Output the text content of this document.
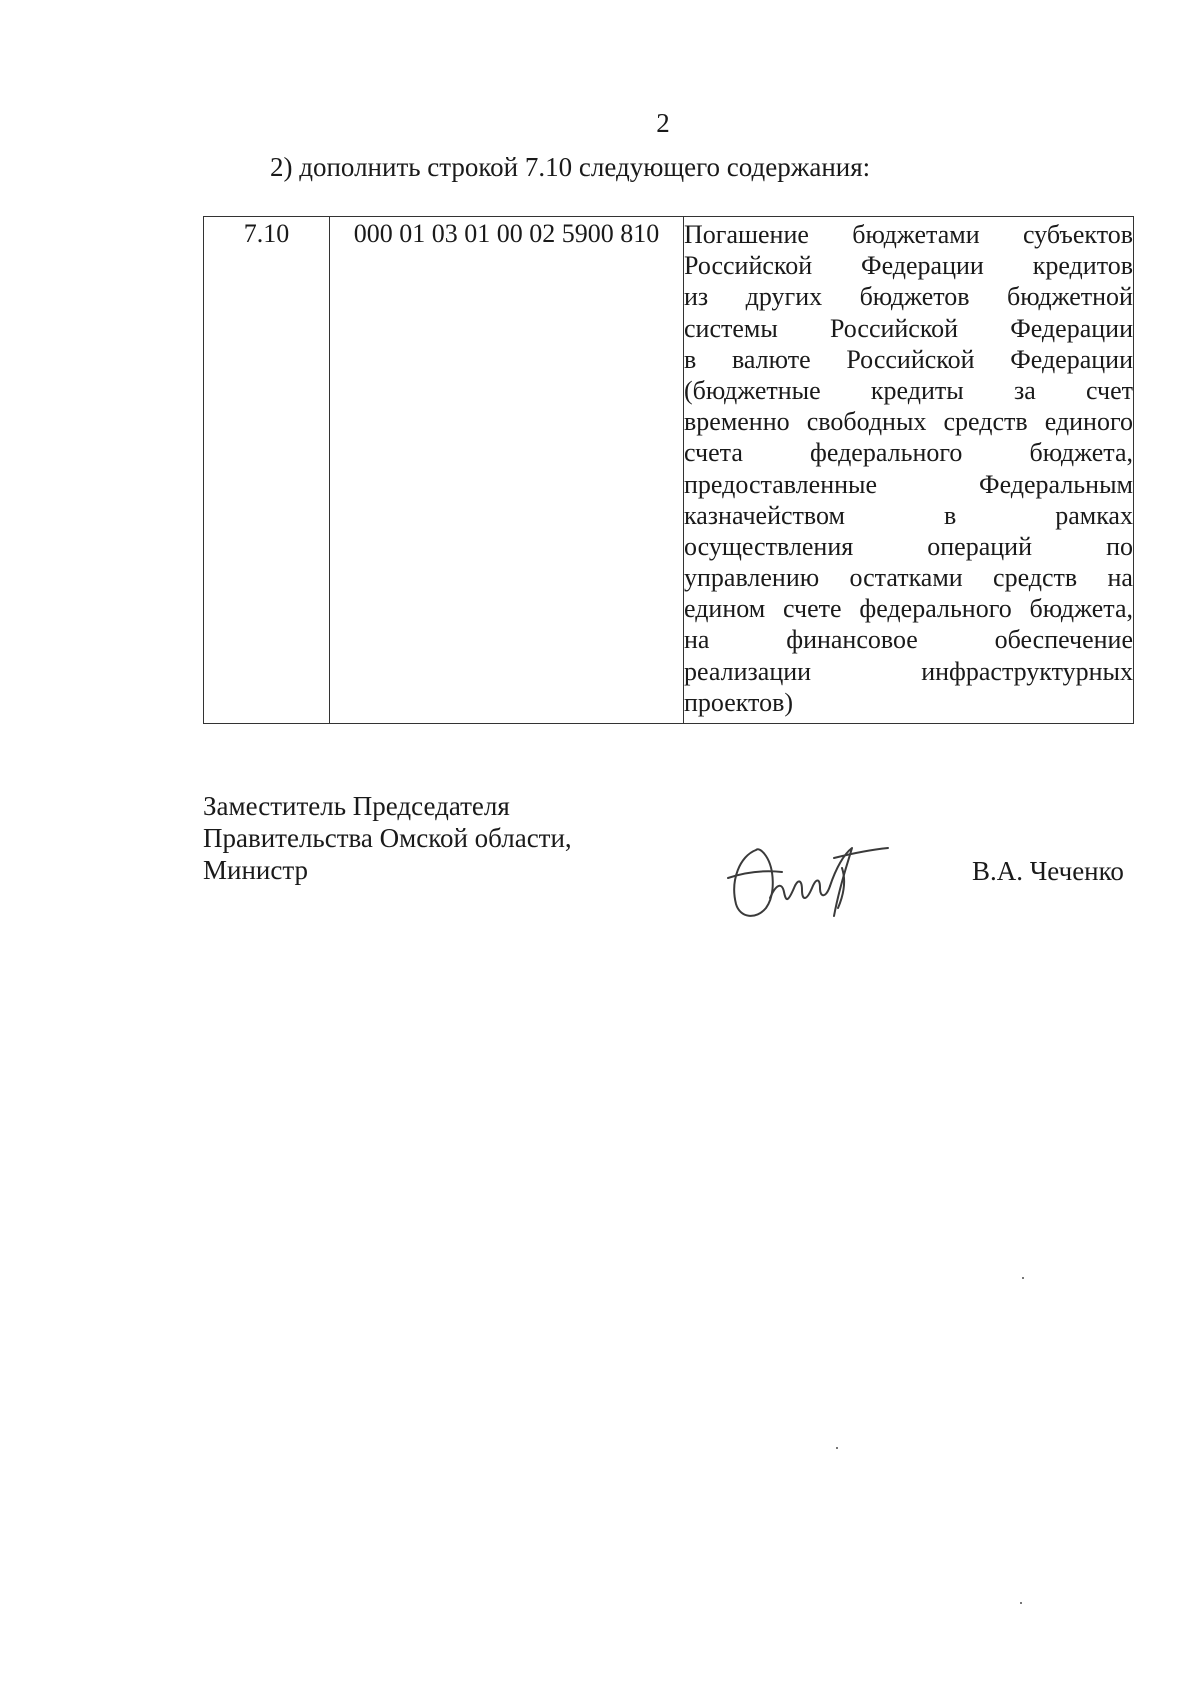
2
2) дополнить строкой 7.10 следующего содержания:
7.10	000 01 03 01 00 02 5900 810	Погашение бюджетами субъектов
Российской Федерации кредитов
из других бюджетов бюджетной
системы Российской Федерации
в валюте Российской Федерации
(бюджетные кредиты за счет
временно свободных средств единого
счета	федерального	бюджета,
предоставленные	Федеральным
казначейством	в	рамках
осуществления	операций	по
управлению остатками средств на
едином счете федерального бюджета,
на	финансовое	обеспечение
реализации	инфраструктурных
проектов)
Заместитель Председателя
Правительства Омской области,
Министр	В.А. Чеченко
